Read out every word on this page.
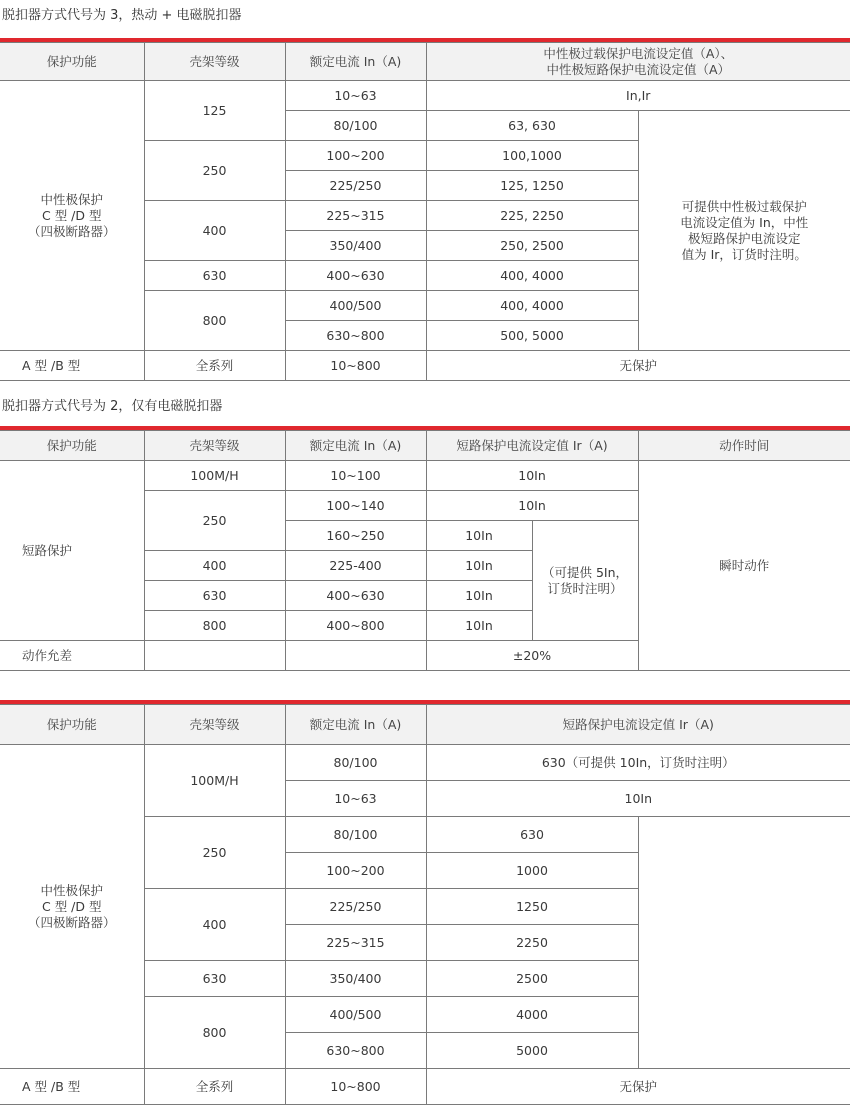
脱扣器方式代号为 3，热动 + 电磁脱扣器
保护功能	壳架等级	额定电流 In（A)	中性极过载保护电流设定值（A）、
中性极短路保护电流设定值（A）	

中性极保护
C 型 /D 型
（四极断路器）	125	10~63	In,Ir	
		80/100	63, 630	可提供中性极过载保护
电流设定值为 In，中性
极短路保护电流设定
值为 Ir，订货时注明。

	250	100~200	100,1000	
		225/250	125, 1250	
	400	225~315	225, 2250	
		350/400	250, 2500	
	630	400~630	400, 4000	
	800	400/500	400, 4000	
		630~800	500, 5000	
A 型 /B 型	全系列	10~800	无保护	
脱扣器方式代号为 2，仅有电磁脱扣器
保护功能	壳架等级	额定电流 In（A)	短路保护电流设定值 Ir（A)		动作时间
短路保护	100M/H	10~100	10In		瞬时动作
	250	100~140	10In		
		160~250	10In	（可提供 5In，
订货时注明）	

	400	225-400	10In		
	630	400~630	10In		
	800	400~800	10In		
动作允差			±20%		
保护功能	壳架等级	额定电流 In（A)	短路保护电流设定值 Ir（A)	

中性极保护
C 型 /D 型
（四极断路器）	100M/H	80/100	630（可提供 10In，订货时注明）	
		10~63	10In	
	250	80/100	630	
		100~200	1000	
	400	225/250	1250	
		225~315	2250	
	630	350/400	2500	
	800	400/500	4000	
		630~800	5000	
A 型 /B 型	全系列	10~800	无保护	
